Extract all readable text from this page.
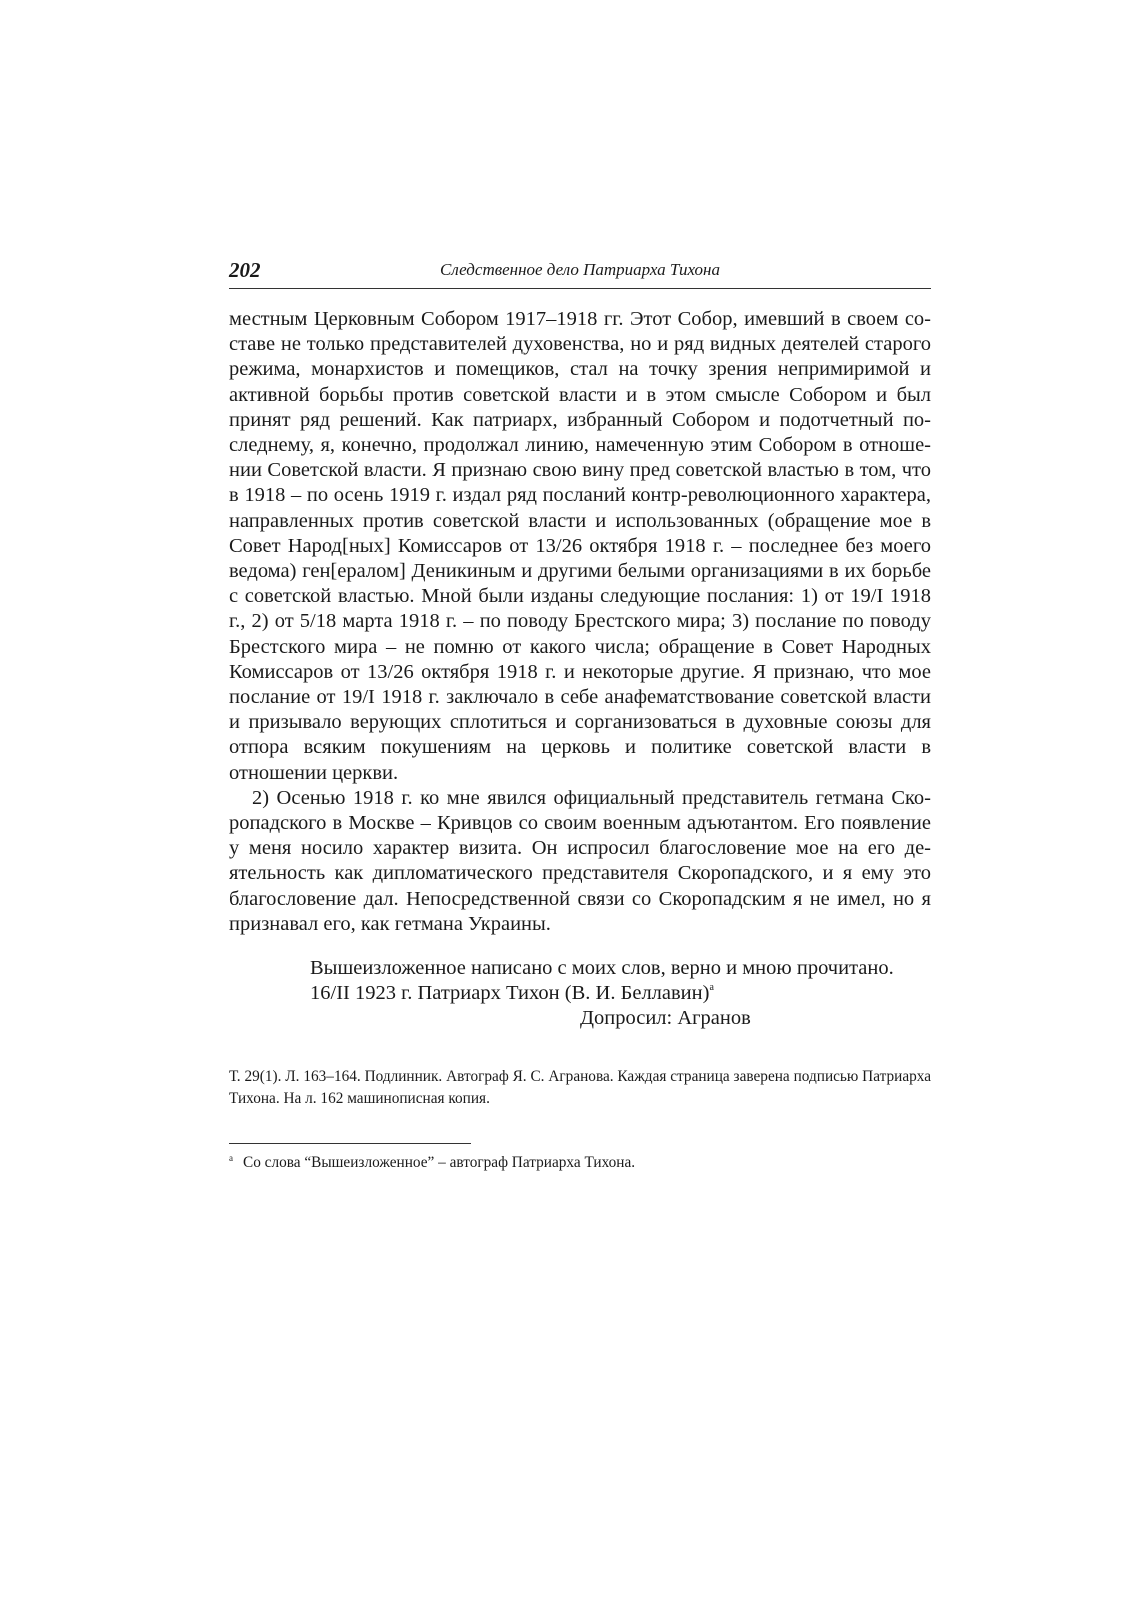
202	Следственное дело Патриарха Тихона

местным Церковным Собором 1917–1918 гг. Этот Собор, имевший в своем составе не только представителей духовенства, но и ряд видных деятелей старого режима, монархистов и помещиков, стал на точку зрения непримиримой и активной борьбы против советской власти и в этом смысле Собором и был принят ряд решений. Как патриарх, избранный Собором и подотчетный последнему, я, конечно, продолжал линию, намеченную этим Собором в отношении Советской власти. Я признаю свою вину пред советской властью в том, что в 1918 – по осень 1919 г. издал ряд посланий контр-революционного характера, направленных против советской власти и использованных (обращение мое в Совет Народ[ных] Комиссаров от 13/26 октября 1918 г. – последнее без моего ведома) ген[ералом] Деникиным и другими белыми организациями в их борьбе с советской властью. Мной были изданы следующие послания: 1) от 19/I 1918 г., 2) от 5/18 марта 1918 г. – по поводу Брестского мира; 3) послание по поводу Брестского мира – не помню от какого числа; обращение в Совет Народных Комиссаров от 13/26 октября 1918 г. и некоторые другие. Я признаю, что мое послание от 19/I 1918 г. заключало в себе анафематствование советской власти и призывало верующих сплотиться и сорганизоваться в духовные союзы для отпора всяким покушениям на церковь и политике советской власти в отношении церкви.

2) Осенью 1918 г. ко мне явился официальный представитель гетмана Скоропадского в Москве – Кривцов со своим военным адъютантом. Его появление у меня носило характер визита. Он испросил благословение мое на его деятельность как дипломатического представителя Скоропадского, и я ему это благословение дал. Непосредственной связи со Скоропадским я не имел, но я признавал его, как гетмана Украины.

Вышеизложенное написано с моих слов, верно и мною прочитано.
16/II 1923 г. Патриарх Тихон (В. И. Беллавин)$^а$
Допросил: Агранов
Т. 29(1). Л. 163–164. Подлинник. Автограф Я. С. Агранова. Каждая страница заверена подписью Патриарха Тихона. На л. 162 машинописная копия.
$^а$ Со слова “Вышеизложенное” – автограф Патриарха Тихона.
